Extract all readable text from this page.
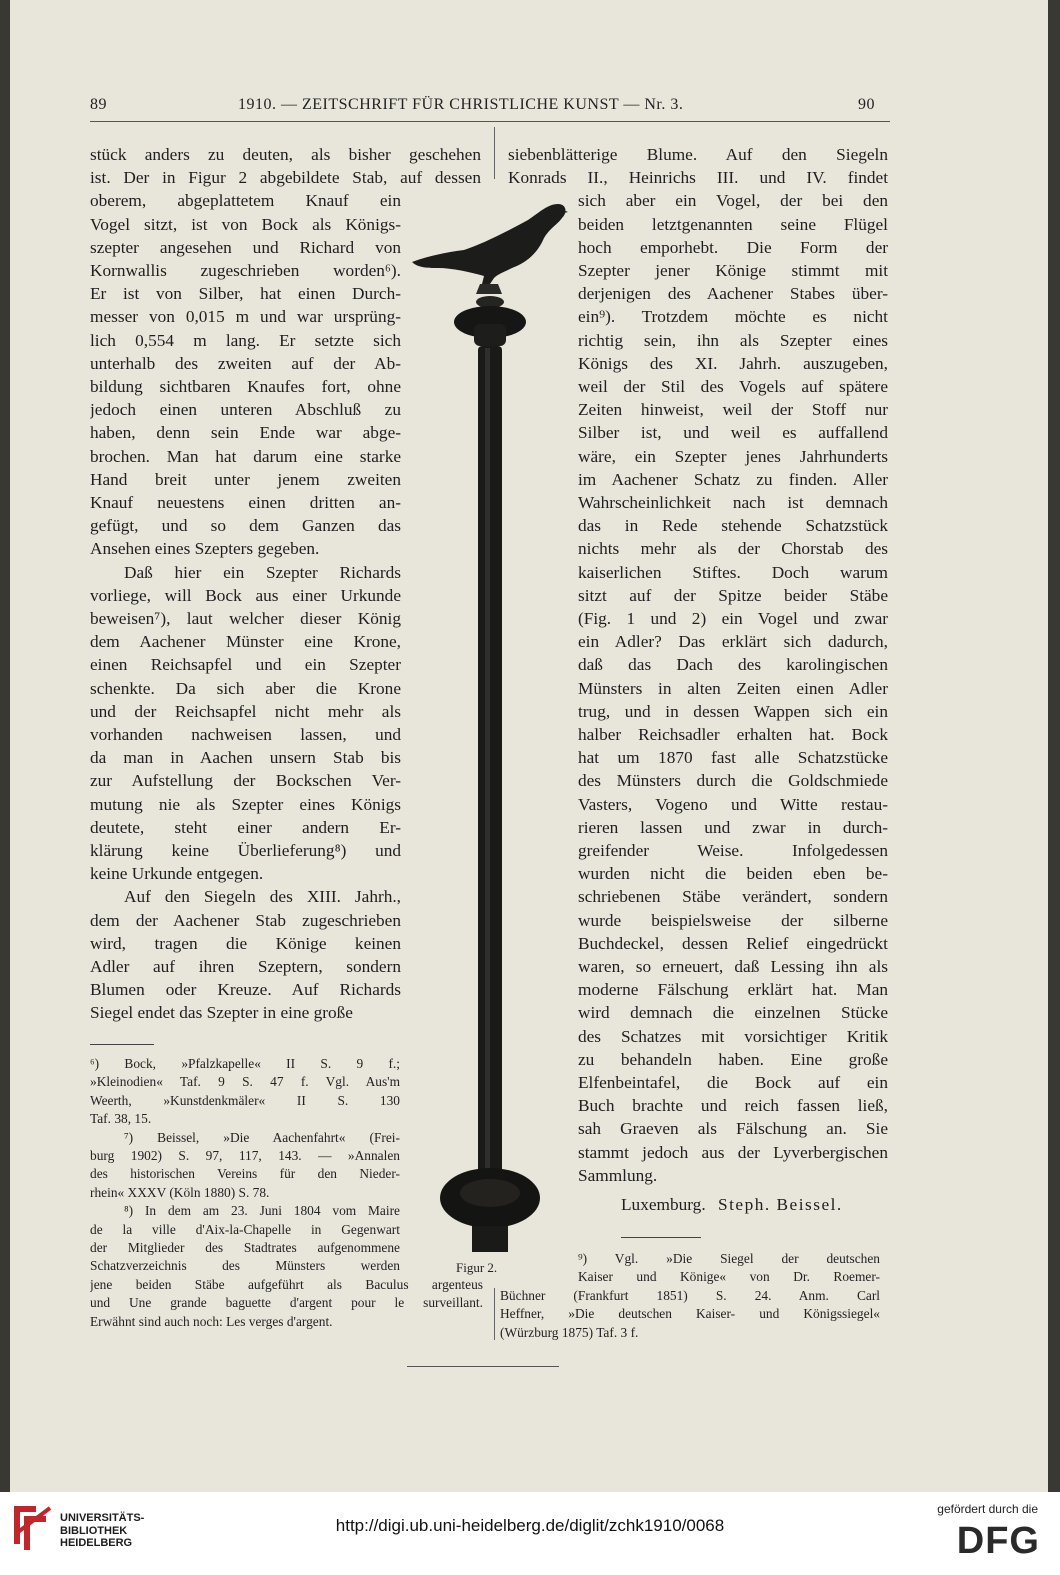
89	1910. — ZEITSCHRIFT FÜR CHRISTLICHE KUNST — Nr. 3.	90
stück anders zu deuten, als bisher geschehen
ist. Der in Figur 2 abgebildete Stab, auf dessen
oberem, abgeplattetem Knauf ein
Vogel sitzt, ist von Bock als Königs-
szepter angesehen und Richard von
Kornwallis zugeschrieben worden⁶).
Er ist von Silber, hat einen Durch-
messer von 0,015 m und war ursprüng-
lich 0,554 m lang. Er setzte sich
unterhalb des zweiten auf der Ab-
bildung sichtbaren Knaufes fort, ohne
jedoch einen unteren Abschluß zu
haben, denn sein Ende war abge-
brochen. Man hat darum eine starke
Hand breit unter jenem zweiten
Knauf neuestens einen dritten an-
gefügt, und so dem Ganzen das
Ansehen eines Szepters gegeben.
Daß hier ein Szepter Richards
vorliege, will Bock aus einer Urkunde
beweisen⁷), laut welcher dieser König
dem Aachener Münster eine Krone,
einen Reichsapfel und ein Szepter
schenkte. Da sich aber die Krone
und der Reichsapfel nicht mehr als
vorhanden nachweisen lassen, und
da man in Aachen unsern Stab bis
zur Aufstellung der Bockschen Ver-
mutung nie als Szepter eines Königs
deutete, steht einer andern Er-
klärung keine Überlieferung⁸) und
keine Urkunde entgegen.
Auf den Siegeln des XIII. Jahrh.,
dem der Aachener Stab zugeschrieben
wird, tragen die Könige keinen
Adler auf ihren Szeptern, sondern
Blumen oder Kreuze. Auf Richards
Siegel endet das Szepter in eine große
siebenblätterige Blume. Auf den Siegeln
Konrads II., Heinrichs III. und IV. findet
sich aber ein Vogel, der bei den
beiden letztgenannten seine Flügel
hoch emporhebt. Die Form der
Szepter jener Könige stimmt mit
derjenigen des Aachener Stabes über-
ein⁹). Trotzdem möchte es nicht
richtig sein, ihn als Szepter eines
Königs des XI. Jahrh. auszugeben,
weil der Stil des Vogels auf spätere
Zeiten hinweist, weil der Stoff nur
Silber ist, und weil es auffallend
wäre, ein Szepter jenes Jahrhunderts
im Aachener Schatz zu finden. Aller
Wahrscheinlichkeit nach ist demnach
das in Rede stehende Schatzstück
nichts mehr als der Chorstab des
kaiserlichen Stiftes. Doch warum
sitzt auf der Spitze beider Stäbe
(Fig. 1 und 2) ein Vogel und zwar
ein Adler? Das erklärt sich dadurch,
daß das Dach des karolingischen
Münsters in alten Zeiten einen Adler
trug, und in dessen Wappen sich ein
halber Reichsadler erhalten hat. Bock
hat um 1870 fast alle Schatzstücke
des Münsters durch die Goldschmiede
Vasters, Vogeno und Witte restau-
rieren lassen und zwar in durch-
greifender Weise. Infolgedessen
wurden nicht die beiden eben be-
schriebenen Stäbe verändert, sondern
wurde beispielsweise der silberne
Buchdeckel, dessen Relief eingedrückt
waren, so erneuert, daß Lessing ihn als
moderne Fälschung erklärt hat. Man
wird demnach die einzelnen Stücke
des Schatzes mit vorsichtiger Kritik
zu behandeln haben. Eine große
Elfenbeintafel, die Bock auf ein
Buch brachte und reich fassen ließ,
sah Graeven als Fälschung an. Sie
stammt jedoch aus der Lyverbergischen
Sammlung.
Luxemburg. Steph. Beissel.
⁶) Bock, »Pfalzkapelle« II S. 9 f.;
»Kleinodien« Taf. 9 S. 47 f. Vgl. Aus'm
Weerth, »Kunstdenkmäler« II S. 130
Taf. 38, 15.
⁷) Beissel, »Die Aachenfahrt« (Frei-
burg 1902) S. 97, 117, 143. — »Annalen
des historischen Vereins für den Nieder-
rhein« XXXV (Köln 1880) S. 78.
⁸) In dem am 23. Juni 1804 vom Maire
de la ville d'Aix-la-Chapelle in Gegenwart
der Mitglieder des Stadtrates aufgenommene
Schatzverzeichnis des Münsters werden
jene beiden Stäbe aufgeführt als Baculus argenteus
und Une grande baguette d'argent pour le surveillant.
Erwähnt sind auch noch: Les verges d'argent.
⁹) Vgl. »Die Siegel der deutschen
Kaiser und Könige« von Dr. Roemer-
Büchner (Frankfurt 1851) S. 24. Anm. Carl
Heffner, »Die deutschen Kaiser- und Königssiegel«
(Würzburg 1875) Taf. 3 f.
Figur 2.
UNIVERSITÄTS-
BIBLIOTHEK
HEIDELBERG
http://digi.ub.uni-heidelberg.de/diglit/zchk1910/0068
gefördert durch die
DFG
